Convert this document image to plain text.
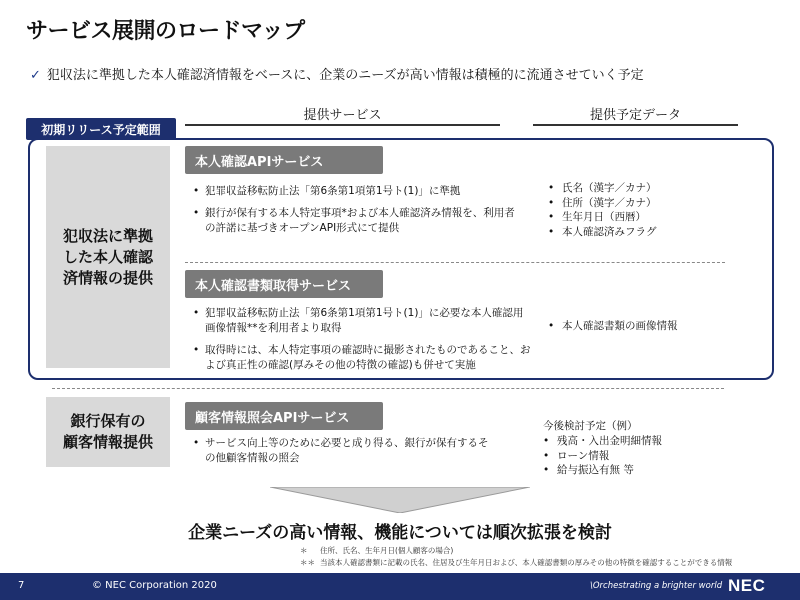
サービス展開のロードマップ
✓ 犯収法に準拠した本人確認済情報をベースに、企業のニーズが高い情報は積極的に流通させていく予定
提供サービス	提供予定データ
初期リリース予定範囲
犯収法に準拠
した本人確認
済情報の提供
本人確認APIサービス
• 犯罪収益移転防止法「第6条第1項第1号ト(1)」に準拠
• 銀行が保有する本人特定事項*および本人確認済み情報を、利用者の許諾に基づきオープンAPI形式にて提供
• 氏名（漢字／カナ）
• 住所（漢字／カナ）
• 生年月日（西暦）
• 本人確認済みフラグ
本人確認書類取得サービス
• 犯罪収益移転防止法「第6条第1項第1号ト(1)」に必要な本人確認用画像情報**を利用者より取得
• 取得時には、本人特定事項の確認時に撮影されたものであること、および真正性の確認(厚みその他の特徴の確認)も併せて実施
• 本人確認書類の画像情報
銀行保有の
顧客情報提供
顧客情報照会APIサービス
• サービス向上等のために必要と成り得る、銀行が保有するその他顧客情報の照会
今後検討予定（例）
• 残高・入出金明細情報
• ローン情報
• 給与振込有無 等
企業ニーズの高い情報、機能については順次拡張を検討
＊	住所、氏名、生年月日(個人顧客の場合)
＊＊ 当該本人確認書類に記載の氏名、住居及び生年月日および、本人確認書類の厚みその他の特徴を確認することができる情報
7	© NEC Corporation 2020	\Orchestrating a brighter world NEC
